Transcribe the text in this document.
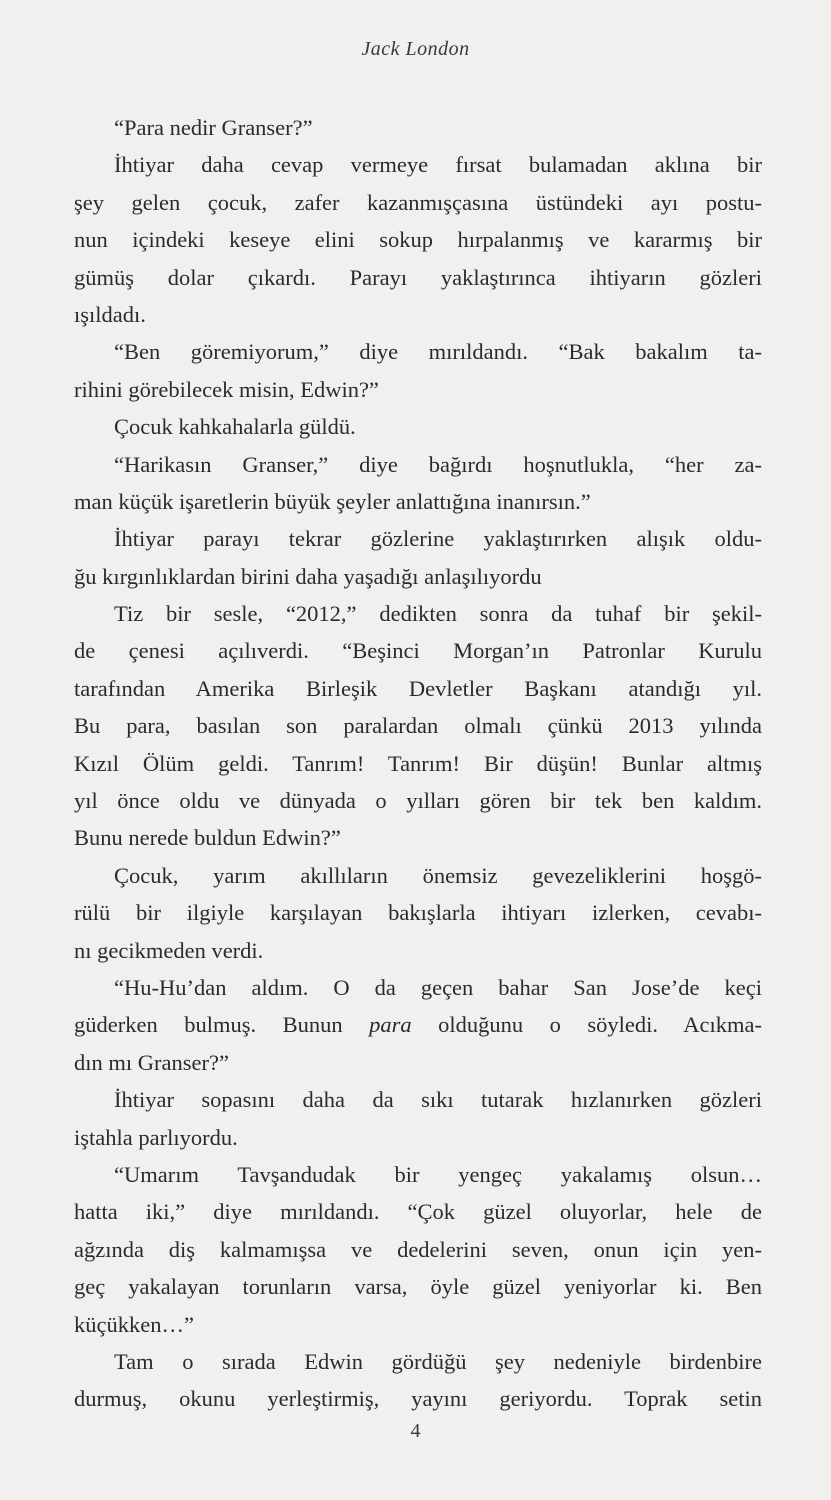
Jack London
“Para nedir Granser?”
İhtiyar daha cevap vermeye fırsat bulamadan aklına bir
şey gelen çocuk, zafer kazanmışçasına üstündeki ayı postu-
nun içindeki keseye elini sokup hırpalanmış ve kararmış bir
gümüş dolar çıkardı. Parayı yaklaştırınca ihtiyarın gözleri
ışıldadı.
“Ben göremiyorum,” diye mırıldandı. “Bak bakalım ta-
rihini görebilecek misin, Edwin?”
Çocuk kahkahalarla güldü.
“Harikasın Granser,” diye bağırdı hoşnutlukla, “her za-
man küçük işaretlerin büyük şeyler anlattığına inanırsın.”
İhtiyar parayı tekrar gözlerine yaklaştırırken alışık oldu-
ğu kırgınlıklardan birini daha yaşadığı anlaşılıyordu
Tiz bir sesle, “2012,” dedikten sonra da tuhaf bir şekil-
de çenesi açılıverdi. “Beşinci Morgan’ın Patronlar Kurulu
tarafından Amerika Birleşik Devletler Başkanı atandığı yıl.
Bu para, basılan son paralardan olmalı çünkü 2013 yılında
Kızıl Ölüm geldi. Tanrım! Tanrım! Bir düşün! Bunlar altmış
yıl önce oldu ve dünyada o yılları gören bir tek ben kaldım.
Bunu nerede buldun Edwin?”
Çocuk, yarım akıllıların önemsiz gevezeliklerini hoşgö-
rülü bir ilgiyle karşılayan bakışlarla ihtiyarı izlerken, cevabı-
nı gecikmeden verdi.
“Hu-Hu’dan aldım. O da geçen bahar San Jose’de keçi
güderken bulmuş. Bunun para olduğunu o söyledi. Acıkma-
dın mı Granser?”
İhtiyar sopasını daha da sıkı tutarak hızlanırken gözleri
iştahla parlıyordu.
“Umarım Tavşandudak bir yengeç yakalamış olsun…
hatta iki,” diye mırıldandı. “Çok güzel oluyorlar, hele de
ağzında diş kalmamışsa ve dedelerini seven, onun için yen-
geç yakalayan torunların varsa, öyle güzel yeniyorlar ki. Ben
küçükken…”
Tam o sırada Edwin gördüğü şey nedeniyle birdenbire
durmuş, okunu yerleştirmiş, yayını geriyordu. Toprak setin
4
